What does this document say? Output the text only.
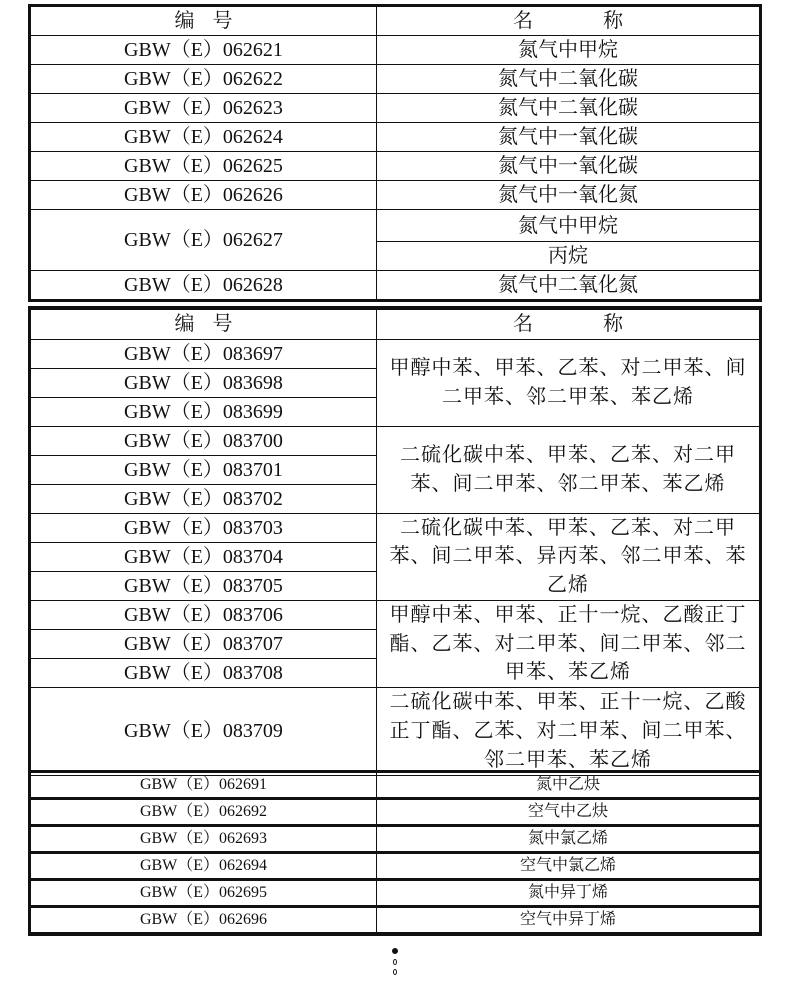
编 号	名 称
GBW（E）062621	氮气中甲烷
GBW（E）062622	氮气中二氧化碳
GBW（E）062623	氮气中二氧化碳
GBW（E）062624	氮气中一氧化碳
GBW（E）062625	氮气中一氧化碳
GBW（E）062626	氮气中一氧化氮
GBW（E）062627	氮气中甲烷
	丙烷
GBW（E）062628	氮气中二氧化氮
编 号	名 称
GBW（E）083697	甲醇中苯、甲苯、乙苯、对二甲苯、间二甲苯、邻二甲苯、苯乙烯
GBW（E）083698	
GBW（E）083699	
GBW（E）083700	二硫化碳中苯、甲苯、乙苯、对二甲苯、间二甲苯、邻二甲苯、苯乙烯
GBW（E）083701	
GBW（E）083702	
GBW（E）083703	二硫化碳中苯、甲苯、乙苯、对二甲苯、间二甲苯、异丙苯、邻二甲苯、苯乙烯
GBW（E）083704	
GBW（E）083705	
GBW（E）083706	甲醇中苯、甲苯、正十一烷、乙酸正丁酯、乙苯、对二甲苯、间二甲苯、邻二甲苯、苯乙烯
GBW（E）083707	
GBW（E）083708	
GBW（E）083709	二硫化碳中苯、甲苯、正十一烷、乙酸正丁酯、乙苯、对二甲苯、间二甲苯、邻二甲苯、苯乙烯
GBW（E）062691	氮中乙炔
GBW（E）062692	空气中乙炔
GBW（E）062693	氮中氯乙烯
GBW（E）062694	空气中氯乙烯
GBW（E）062695	氮中异丁烯
GBW（E）062696	空气中异丁烯
